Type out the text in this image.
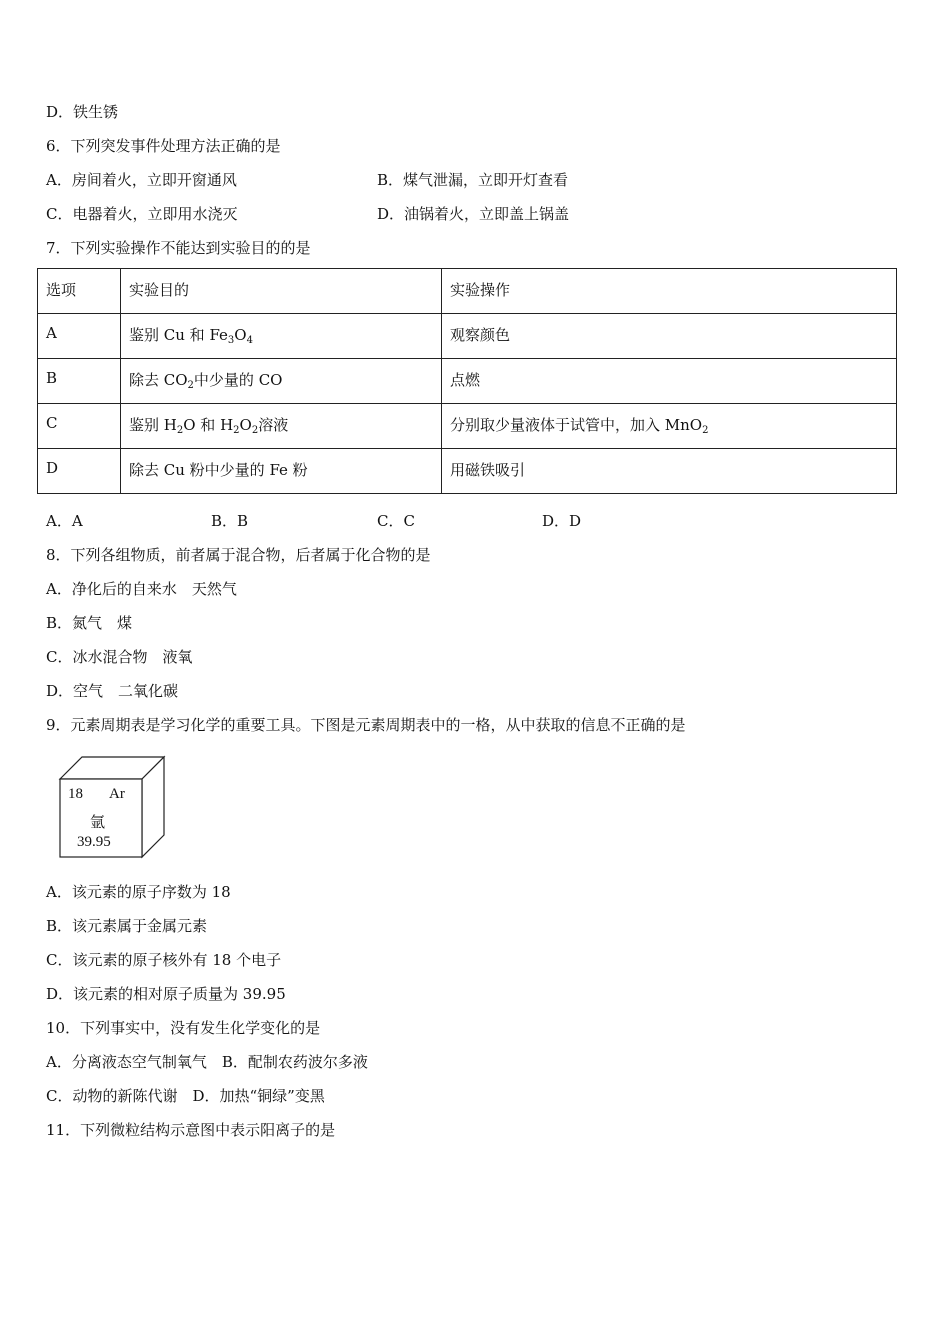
D．铁生锈
6．下列突发事件处理方法正确的是
A．房间着火，立即开窗通风	B．煤气泄漏，立即开灯查看
C．电器着火，立即用水浇灭	D．油锅着火，立即盖上锅盖
7．下列实验操作不能达到实验目的的是
选项	实验目的	实验操作
A	鉴别 Cu 和 $Fe_3O_4$	观察颜色
B	除去 $CO_2$中少量的 CO	点燃
C	鉴别 $H_2O$ 和 $H_2O_2$溶液	分别取少量液体于试管中，加入 MnO$_2$
D	除去 Cu 粉中少量的 Fe 粉	用磁铁吸引
A．A	B．B	C．C	D．D
8．下列各组物质，前者属于混合物，后者属于化合物的是
A．净化后的自来水　天然气
B．氮气　煤
C．冰水混合物　液氧
D．空气　二氧化碳
9．元素周期表是学习化学的重要工具。下图是元素周期表中的一格，从中获取的信息不正确的是
18 Ar
氩
39.95
A．该元素的原子序数为 18
B．该元素属于金属元素
C．该元素的原子核外有 18 个电子
D．该元素的相对原子质量为 39.95
10．下列事实中，没有发生化学变化的是
A．分离液态空气制氧气　B．配制农药波尔多液
C．动物的新陈代谢　D．加热“铜绿”变黑
11．下列微粒结构示意图中表示阳离子的是
